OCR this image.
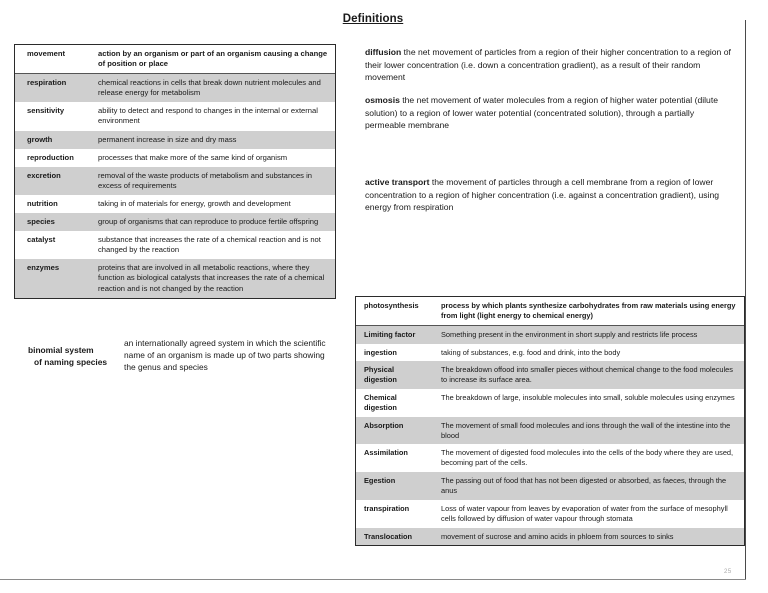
Definitions
movement	action by an organism or part of an organism causing a change of position or place
respiration	chemical reactions in cells that break down nutrient molecules and release energy for metabolism
sensitivity	ability to detect and respond to changes in the internal or external environment
growth	permanent increase in size and dry mass
reproduction	processes that make more of the same kind of organism
excretion	removal of the waste products of metabolism and substances in excess of requirements
nutrition	taking in of materials for energy, growth and development
species	group of organisms that can reproduce to produce fertile offspring
catalyst	substance that increases the rate of a chemical reaction and is not changed by the reaction
enzymes	proteins that are involved in all metabolic reactions, where they function as biological catalysts that increases the rate of a chemical reaction and is not changed by the reaction
binomial system
of naming species
an internationally agreed system in which the scientific name of an organism is made up of two parts showing the genus and species
diffusion the net movement of particles from a region of their higher concentration to a region of their lower concentration (i.e. down a concentration gradient), as a result of their random movement
osmosis the net movement of water molecules from a region of higher water potential (dilute solution) to a region of lower water potential (concentrated solution), through a partially permeable membrane
active transport the movement of particles through a cell membrane from a region of lower concentration to a region of higher concentration (i.e. against a concentration gradient), using energy from respiration
photosynthesis	process by which plants synthesize carbohydrates from raw materials using energy from light (light energy to chemical energy)
Limiting factor	Something present in the environment in short supply and restricts life process
ingestion	taking of substances, e.g. food and drink, into the body
Physical digestion	The breakdown offood into smaller pieces without chemical change to the food molecules to increase its surface area.
Chemical digestion	The breakdown of large, insoluble molecules into small, soluble molecules using enzymes
Absorption	The movement of small food molecules and ions through the wall of the intestine into the blood
Assimilation	The movement of digested food molecules into the cells of the body where they are used, becoming part of the cells.
Egestion	The passing out of food that has not been digested or absorbed, as faeces, through the anus
transpiration	Loss of water vapour from leaves by evaporation of water from the surface of mesophyll cells followed by diffusion of water vapour through stomata
Translocation	movement of sucrose and amino acids in phloem from sources to sinks
25
